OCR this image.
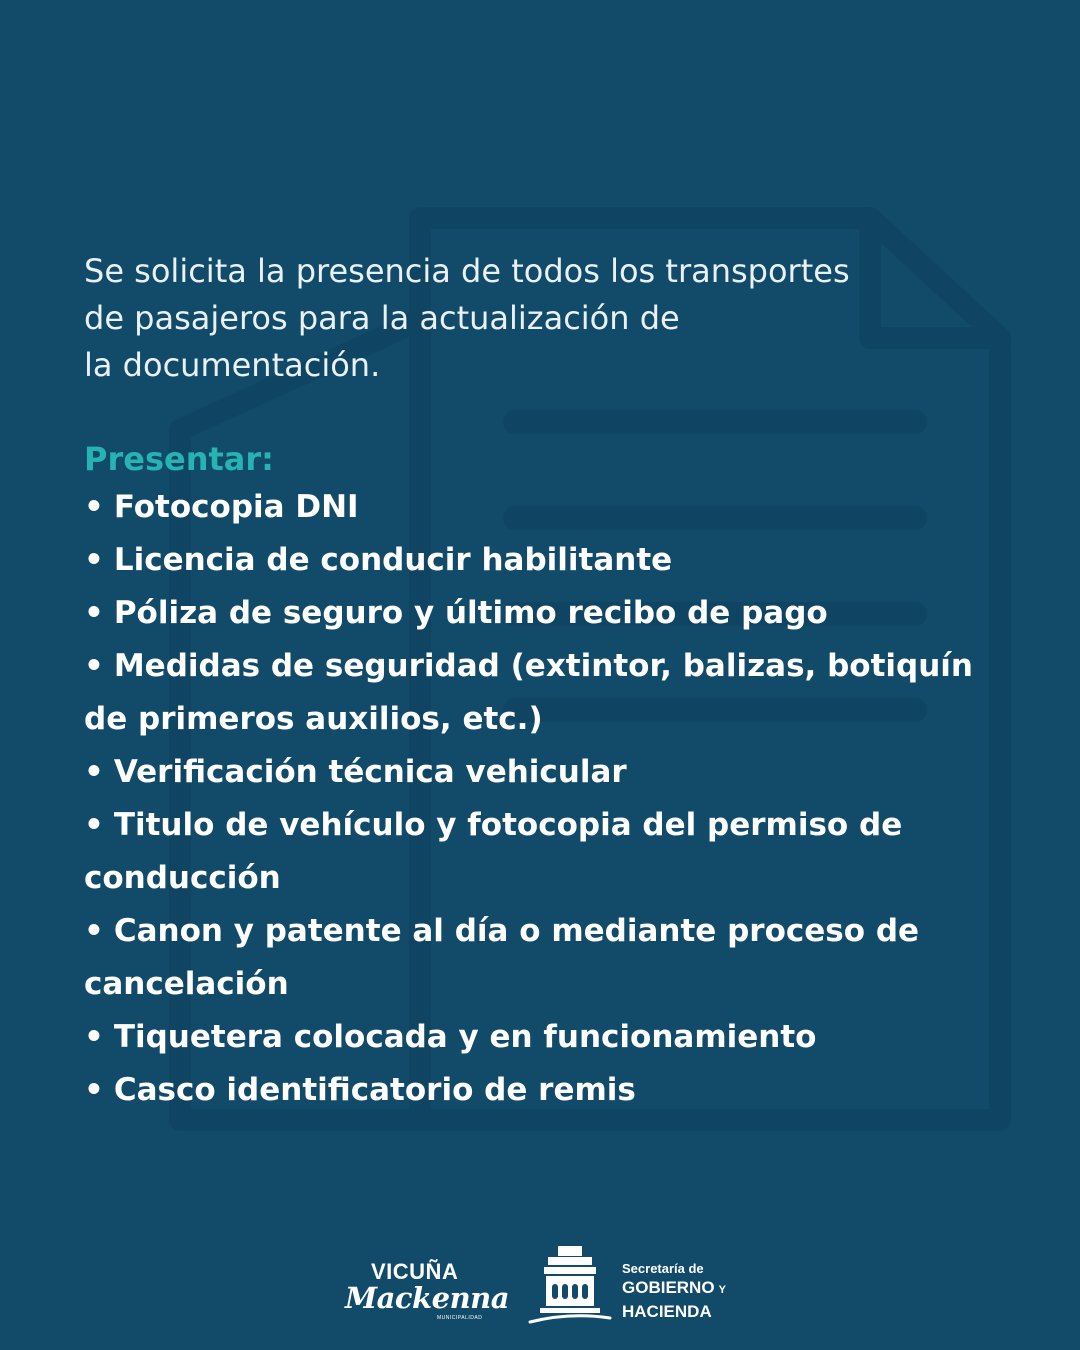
Se solicita la presencia de todos los transportes
de pasajeros para la actualización de
la documentación.

Presentar:
• Fotocopia DNI
• Licencia de conducir habilitante
• Póliza de seguro y último recibo de pago
• Medidas de seguridad (extintor, balizas, botiquín
de primeros auxilios, etc.)
• Verificación técnica vehicular
• Titulo de vehículo y fotocopia del permiso de
conducción
• Canon y patente al día o mediante proceso de
cancelación
• Tiquetera colocada y en funcionamiento
• Casco identificatorio de remis
VICUÑA
Mackenna
MUNICIPALIDAD
Secretaría de
GOBIERNO Y
HACIENDA
